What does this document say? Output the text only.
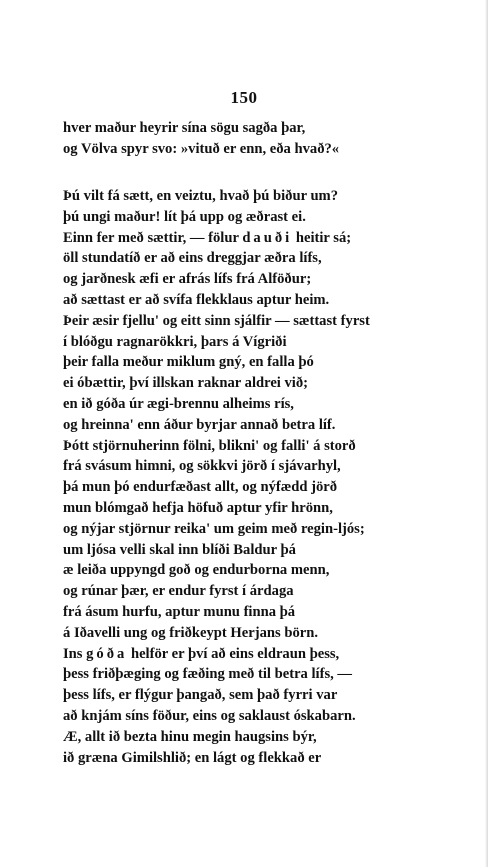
150
hver maður heyrir sína sögu sagða þar,
og Völva spyr svo: »vituð er enn, eða hvað?«
Þú vilt fá sætt, en veiztu, hvað þú biður um?
þú ungi maður! lít þá upp og æðrast ei.
Einn fer með sættir, — fölur dauði heitir sá;
öll stundatíð er að eins dreggjar æðra lífs,
og jarðnesk æfi er afrás lífs frá Alföður;
að sættast er að svífa flekklaus aptur heim.
Þeir æsir fjellu' og eitt sinn sjálfir — sættast fyrst
í blóðgu ragnarökkri, þars á Vígriði
þeir falla meður miklum gný, en falla þó
ei óbættir, því illskan raknar aldrei við;
en ið góða úr ægi-brennu alheims rís,
og hreinna' enn áður byrjar annað betra líf.
Þótt stjörnuherinn fölni, blikni' og falli' á storð
frá svásum himni, og sökkvi jörð í sjávarhyl,
þá mun þó endurfæðast allt, og nýfædd jörð
mun blómgað hefja höfuð aptur yfir hrönn,
og nýjar stjörnur reika' um geim með regin-ljós;
um ljósa velli skal inn blíði Baldur þá
æ leiða uppyngd goð og endurborna menn,
og rúnar þær, er endur fyrst í árdaga
frá ásum hurfu, aptur munu finna þá
á Iðavelli ung og friðkeypt Herjans börn.
Ins góða helför er því að eins eldraun þess,
þess friðþæging og fæðing með til betra lífs, —
þess lífs, er flýgur þangað, sem það fyrri var
að knjám síns föður, eins og saklaust óskabarn.
Æ, allt ið bezta hinu megin haugsins býr,
ið græna Gimilshlið; en lágt og flekkað er
